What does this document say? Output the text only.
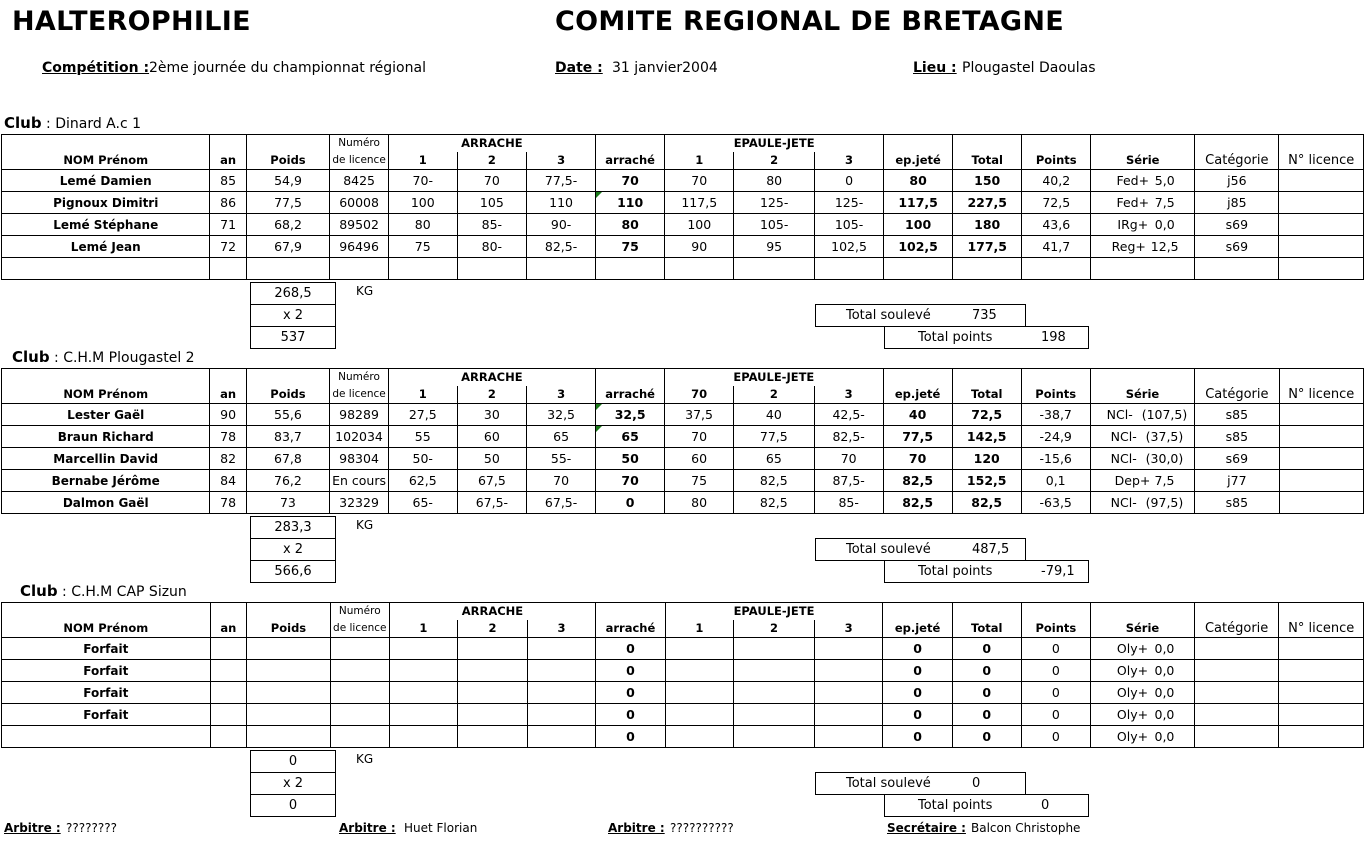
HALTEROPHILIE	COMITE REGIONAL DE BRETAGNE
Compétition : 2ème journée du championnat régional	Date : 31 janvier2004	Lieu : Plougastel Daoulas
Club : Dinard A.c 1
			Numéro		ARRACHE				EPAULE-JETE							
NOM Prénom	an	Poids	de licence	1	2	3	arraché	1	2	3	ep.jeté	Total	Points	Série	Catégorie	N° licence
Lemé Damien	85	54,9	8425	70-	70	77,5-	70	70	80	0	80	150	40,2	Fed+ 5,0	j56	
Pignoux Dimitri	86	77,5	60008	100	105	110	110	117,5	125-	125-	117,5	227,5	72,5	Fed+ 7,5	j85	
Lemé Stéphane	71	68,2	89502	80	85-	90-	80	100	105-	105-	100	180	43,6	IRg+ 0,0	s69	
Lemé Jean	72	67,9	96496	75	80-	82,5-	75	90	95	102,5	102,5	177,5	41,7	Reg+ 12,5	s69	

268,5
x 2
537
KG
Total soulevé	735
Total points	198
Club : C.H.M Plougastel 2
			Numéro		ARRACHE				EPAULE-JETE							
NOM Prénom	an	Poids	de licence	1	2	3	arraché	70	2	3	ep.jeté	Total	Points	Série	Catégorie	N° licence
Lester Gaël	90	55,6	98289	27,5	30	32,5	32,5	37,5	40	42,5-	40	72,5	-38,7	NCl- (107,5)	s85	
Braun Richard	78	83,7	102034	55	60	65	65	70	77,5	82,5-	77,5	142,5	-24,9	NCl- (37,5)	s85	
Marcellin David	82	67,8	98304	50-	50	55-	50	60	65	70	70	120	-15,6	NCl- (30,0)	s69	
Bernabe Jérôme	84	76,2	En cours	62,5	67,5	70	70	75	82,5	87,5-	82,5	152,5	0,1	Dep+ 7,5	j77	
Dalmon Gaël	78	73	32329	65-	67,5-	67,5-	0	80	82,5	85-	82,5	82,5	-63,5	NCl- (97,5)	s85	
283,3
x 2
566,6
KG
Total soulevé	487,5
Total points	-79,1
Club : C.H.M CAP Sizun
			Numéro		ARRACHE				EPAULE-JETE							
NOM Prénom	an	Poids	de licence	1	2	3	arraché	1	2	3	ep.jeté	Total	Points	Série	Catégorie	N° licence
Forfait							0				0	0	0	Oly+ 0,0		
Forfait							0				0	0	0	Oly+ 0,0		
Forfait							0				0	0	0	Oly+ 0,0		
Forfait							0				0	0	0	Oly+ 0,0		
							0				0	0	0	Oly+ 0,0		
0
x 2
0
KG
Total soulevé	0
Total points	0
Arbitre : ????????	Arbitre : Huet Florian	Arbitre : ??????????	Secrétaire : Balcon Christophe
